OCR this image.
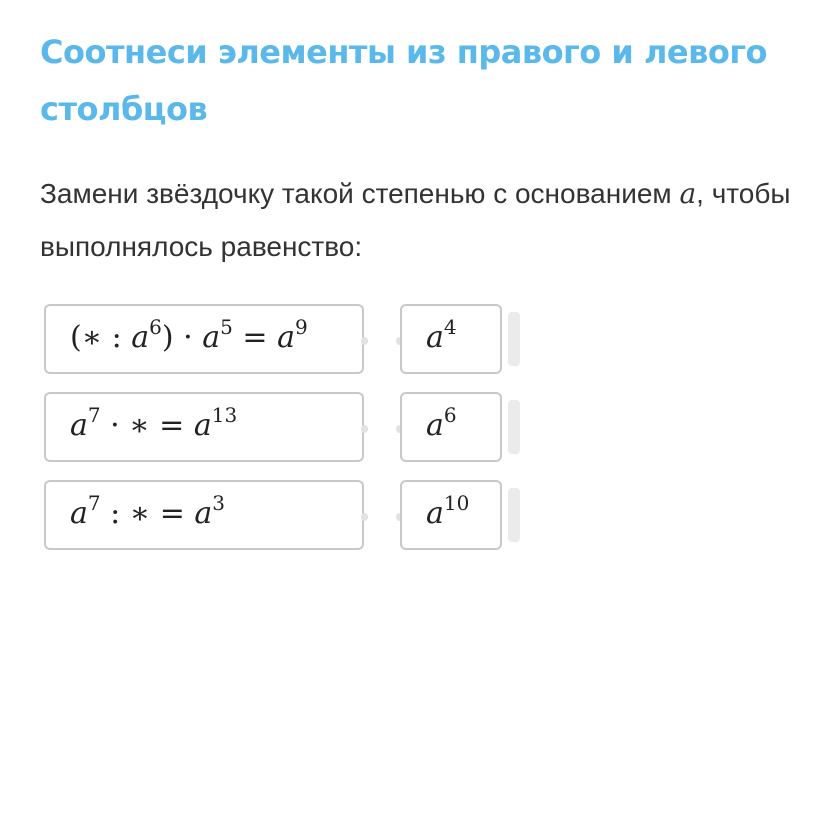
Соотнеси элементы из правого и левого столбцов

Замени звёздочку такой степенью с основанием a, чтобы выполнялось равенство:

(∗ : $a^6) \cdot a^5 = a^9$	$a^4$
$a^7$ · ∗ = $a^{13}$	$a^6$
$a^7$ : ∗ = $a^3$	$a^{10}$
